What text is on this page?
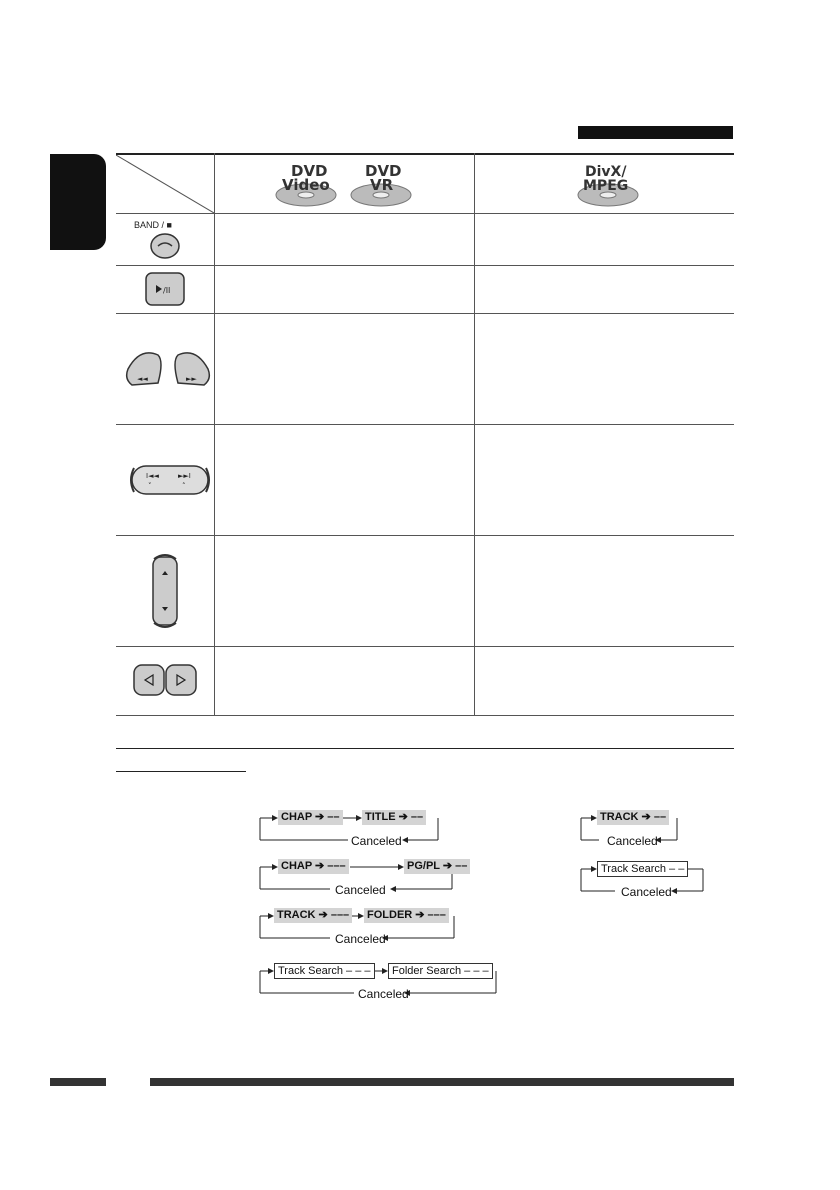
DVD
Video
DVD
VR
DivX/
MPEG
BAND / ■
/II
◄◄	►►
I◄◄	►►I
˅	˄
CHAP ➔ –– TITLE ➔ ––
Canceled
CHAP ➔ –––	PG/PL ➔ ––
Canceled
TRACK ➔ ––– FOLDER ➔ –––
Canceled
Track Search – – –	Folder Search – – –
Canceled
TRACK ➔ ––
Canceled
Track Search – –
Canceled
